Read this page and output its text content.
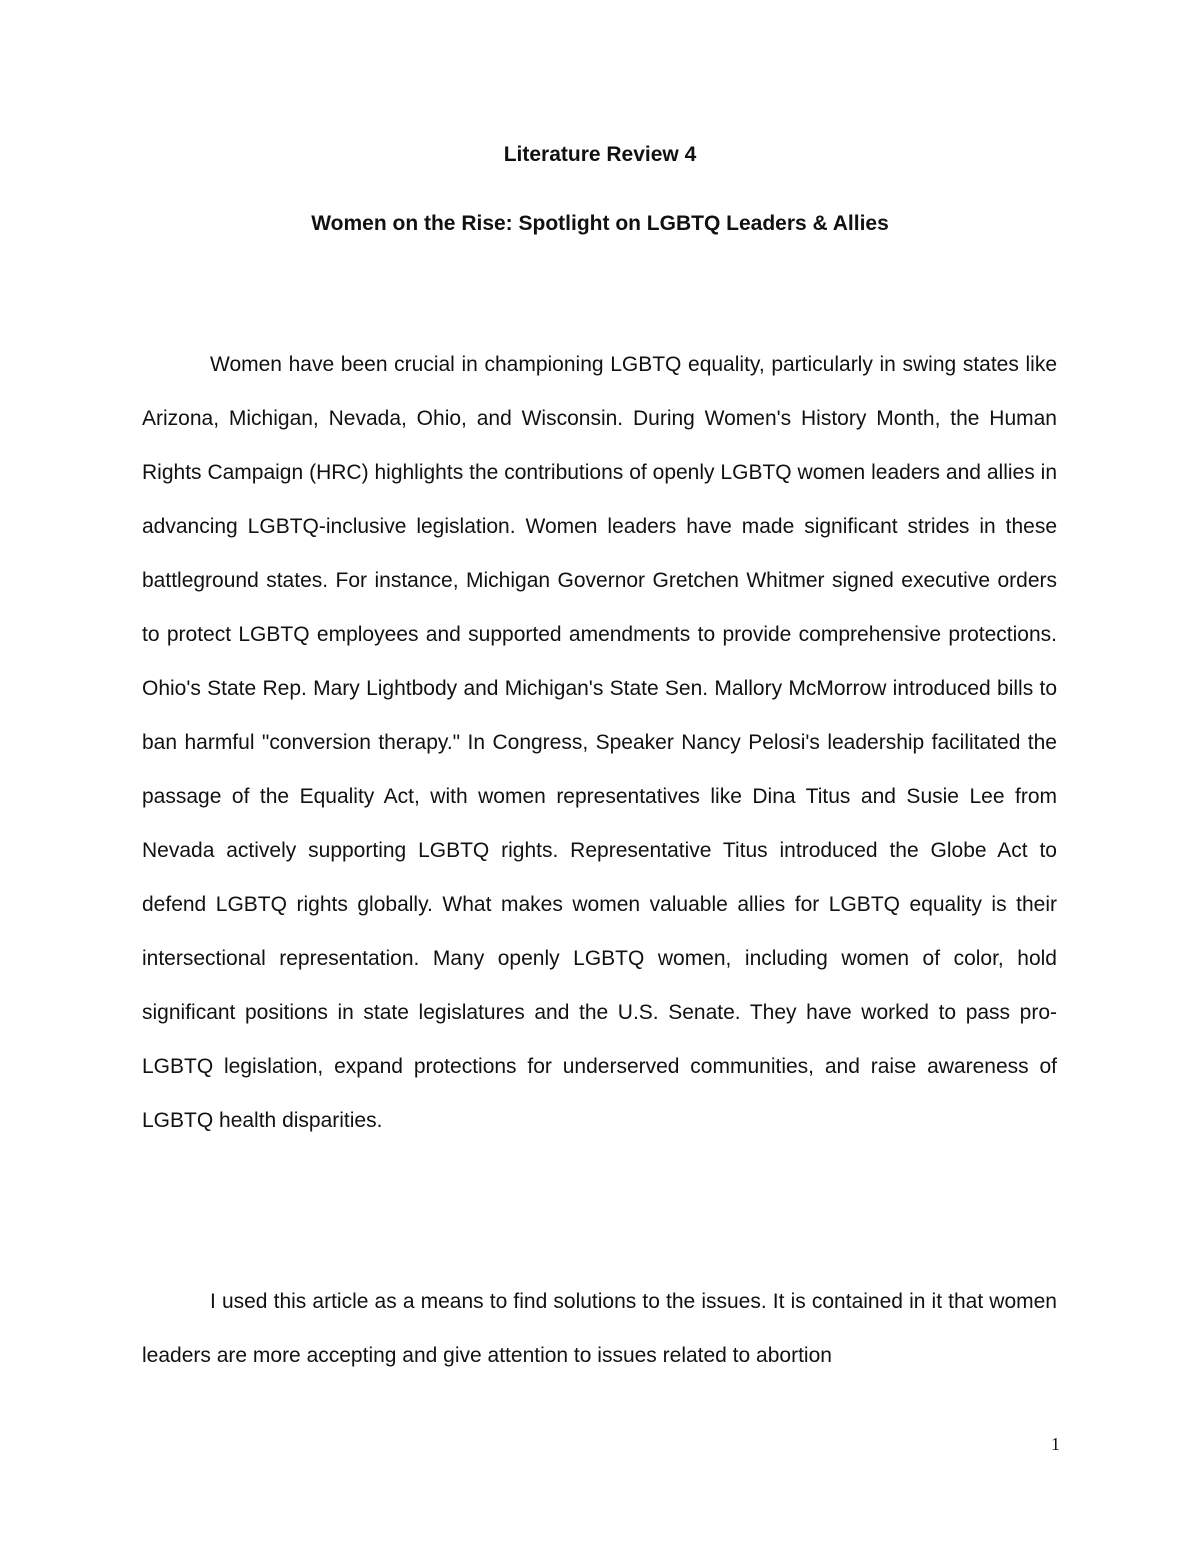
Literature Review 4
Women on the Rise: Spotlight on LGBTQ Leaders & Allies

Women have been crucial in championing LGBTQ equality, particularly in swing states like Arizona, Michigan, Nevada, Ohio, and Wisconsin. During Women's History Month, the Human Rights Campaign (HRC) highlights the contributions of openly LGBTQ women leaders and allies in advancing LGBTQ-inclusive legislation. Women leaders have made significant strides in these battleground states. For instance, Michigan Governor Gretchen Whitmer signed executive orders to protect LGBTQ employees and supported amendments to provide comprehensive protections. Ohio's State Rep. Mary Lightbody and Michigan's State Sen. Mallory McMorrow introduced bills to ban harmful "conversion therapy." In Congress, Speaker Nancy Pelosi's leadership facilitated the passage of the Equality Act, with women representatives like Dina Titus and Susie Lee from Nevada actively supporting LGBTQ rights. Representative Titus introduced the Globe Act to defend LGBTQ rights globally. What makes women valuable allies for LGBTQ equality is their intersectional representation. Many openly LGBTQ women, including women of color, hold significant positions in state legislatures and the U.S. Senate. They have worked to pass pro-LGBTQ legislation, expand protections for underserved communities, and raise awareness of LGBTQ health disparities.

I used this article as a means to find solutions to the issues. It is contained in it that women leaders are more accepting and give attention to issues related to abortion

1
